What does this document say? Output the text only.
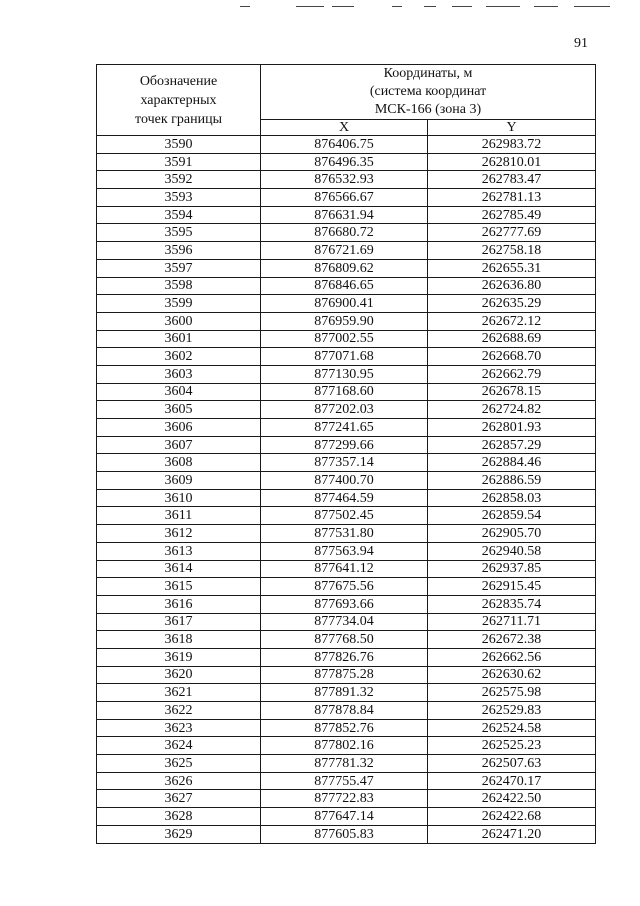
91
Обозначение
характерных
точек границы	Координаты, м
(система координат
МСК-166 (зона 3)	

	X	Y
3590	876406.75	262983.72
3591	876496.35	262810.01
3592	876532.93	262783.47
3593	876566.67	262781.13
3594	876631.94	262785.49
3595	876680.72	262777.69
3596	876721.69	262758.18
3597	876809.62	262655.31
3598	876846.65	262636.80
3599	876900.41	262635.29
3600	876959.90	262672.12
3601	877002.55	262688.69
3602	877071.68	262668.70
3603	877130.95	262662.79
3604	877168.60	262678.15
3605	877202.03	262724.82
3606	877241.65	262801.93
3607	877299.66	262857.29
3608	877357.14	262884.46
3609	877400.70	262886.59
3610	877464.59	262858.03
3611	877502.45	262859.54
3612	877531.80	262905.70
3613	877563.94	262940.58
3614	877641.12	262937.85
3615	877675.56	262915.45
3616	877693.66	262835.74
3617	877734.04	262711.71
3618	877768.50	262672.38
3619	877826.76	262662.56
3620	877875.28	262630.62
3621	877891.32	262575.98
3622	877878.84	262529.83
3623	877852.76	262524.58
3624	877802.16	262525.23
3625	877781.32	262507.63
3626	877755.47	262470.17
3627	877722.83	262422.50
3628	877647.14	262422.68
3629	877605.83	262471.20
